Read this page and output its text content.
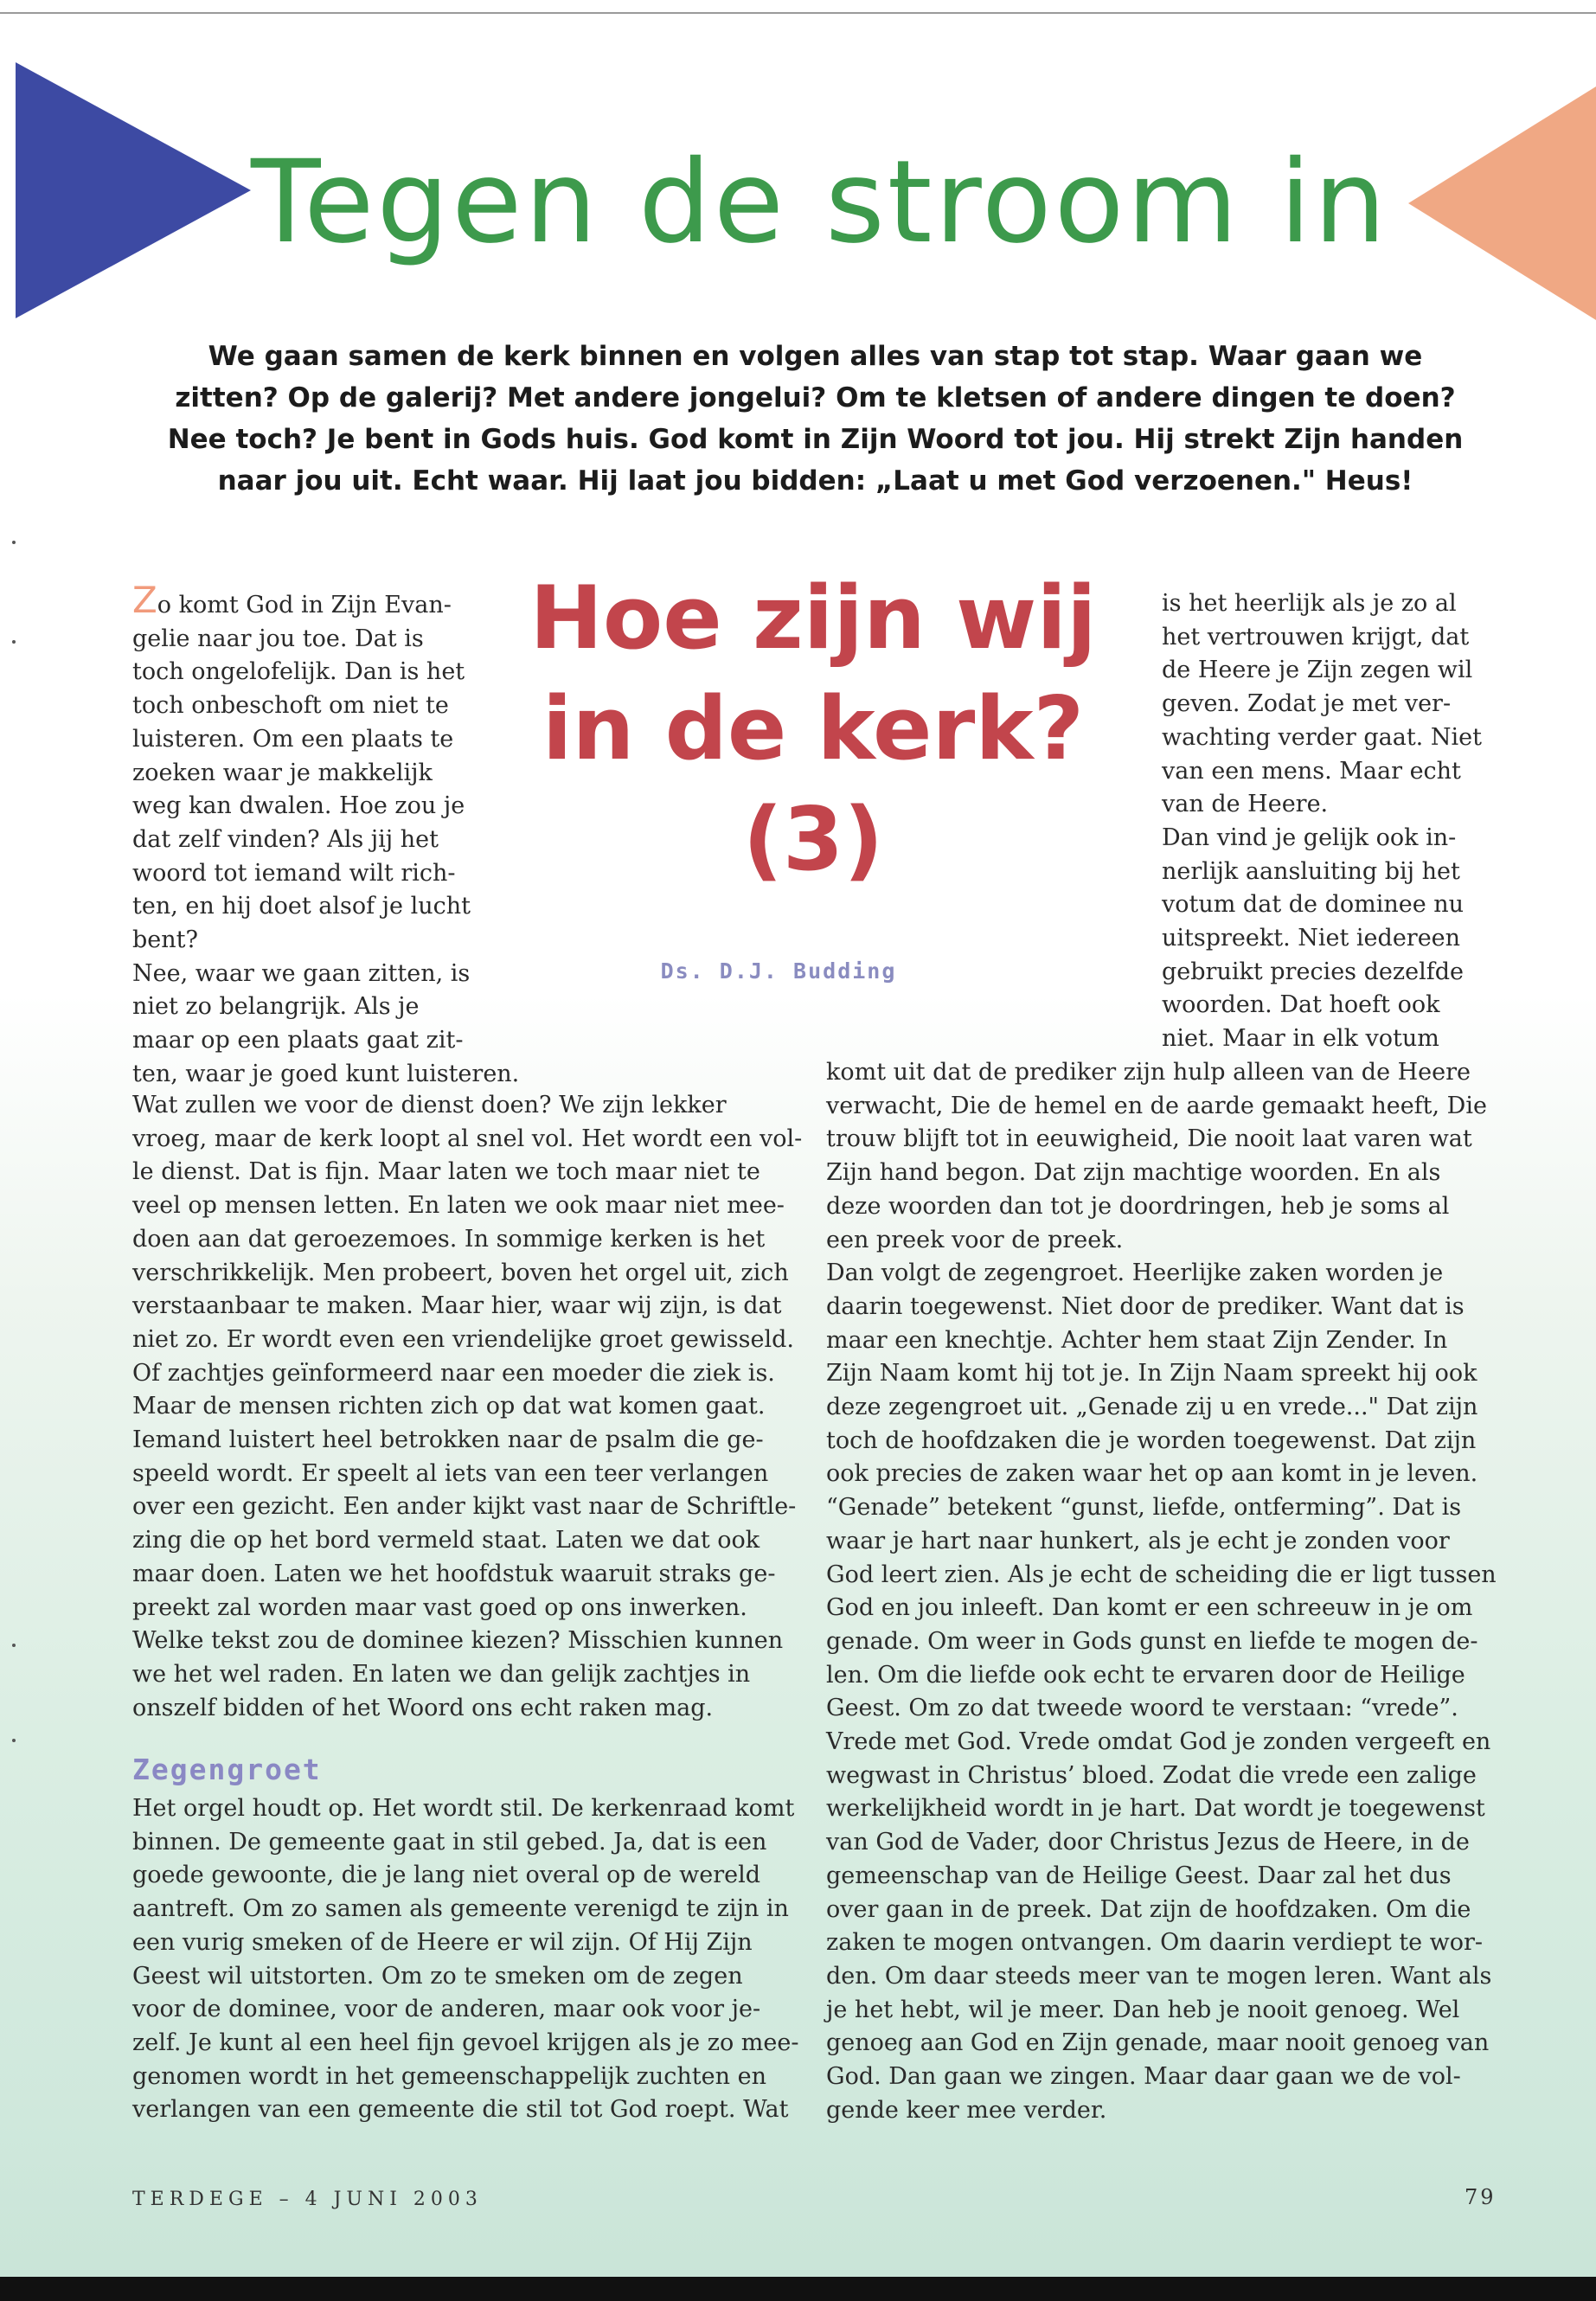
Tegen de stroom in
We gaan samen de kerk binnen en volgen alles van stap tot stap. Waar gaan we zitten? Op de galerij? Met andere jongelui? Om te kletsen of andere dingen te doen? Nee toch? Je bent in Gods huis. God komt in Zijn Woord tot jou. Hij strekt Zijn handen naar jou uit. Echt waar. Hij laat jou bidden: „Laat u met God verzoenen." Heus!
Hoe zijn wij in de kerk? (3)
Ds. D.J. Budding
Zo komt God in Zijn Evan-
gelie naar jou toe. Dat is
toch ongelofelijk. Dan is het
toch onbeschoft om niet te
luisteren. Om een plaats te
zoeken waar je makkelijk
weg kan dwalen. Hoe zou je
dat zelf vinden? Als jij het
woord tot iemand wilt rich-
ten, en hij doet alsof je lucht
bent?
Nee, waar we gaan zitten, is
niet zo belangrijk. Als je
maar op een plaats gaat zit-
ten, waar je goed kunt luisteren.
Wat zullen we voor de dienst doen? We zijn lekker
vroeg, maar de kerk loopt al snel vol. Het wordt een vol-
le dienst. Dat is fijn. Maar laten we toch maar niet te
veel op mensen letten. En laten we ook maar niet mee-
doen aan dat geroezemoes. In sommige kerken is het
verschrikkelijk. Men probeert, boven het orgel uit, zich
verstaanbaar te maken. Maar hier, waar wij zijn, is dat
niet zo. Er wordt even een vriendelijke groet gewisseld.
Of zachtjes geïnformeerd naar een moeder die ziek is.
Maar de mensen richten zich op dat wat komen gaat.
Iemand luistert heel betrokken naar de psalm die ge-
speeld wordt. Er speelt al iets van een teer verlangen
over een gezicht. Een ander kijkt vast naar de Schriftle-
zing die op het bord vermeld staat. Laten we dat ook
maar doen. Laten we het hoofdstuk waaruit straks ge-
preekt zal worden maar vast goed op ons inwerken.
Welke tekst zou de dominee kiezen? Misschien kunnen
we het wel raden. En laten we dan gelijk zachtjes in
onszelf bidden of het Woord ons echt raken mag.
Zegengroet
Het orgel houdt op. Het wordt stil. De kerkenraad komt
binnen. De gemeente gaat in stil gebed. Ja, dat is een
goede gewoonte, die je lang niet overal op de wereld
aantreft. Om zo samen als gemeente verenigd te zijn in
een vurig smeken of de Heere er wil zijn. Of Hij Zijn
Geest wil uitstorten. Om zo te smeken om de zegen
voor de dominee, voor de anderen, maar ook voor je-
zelf. Je kunt al een heel fijn gevoel krijgen als je zo mee-
genomen wordt in het gemeenschappelijk zuchten en
verlangen van een gemeente die stil tot God roept. Wat
is het heerlijk als je zo al
het vertrouwen krijgt, dat
de Heere je Zijn zegen wil
geven. Zodat je met ver-
wachting verder gaat. Niet
van een mens. Maar echt
van de Heere.
Dan vind je gelijk ook in-
nerlijk aansluiting bij het
votum dat de dominee nu
uitspreekt. Niet iedereen
gebruikt precies dezelfde
woorden. Dat hoeft ook
niet. Maar in elk votum
komt uit dat de prediker zijn hulp alleen van de Heere
verwacht, Die de hemel en de aarde gemaakt heeft, Die
trouw blijft tot in eeuwigheid, Die nooit laat varen wat
Zijn hand begon. Dat zijn machtige woorden. En als
deze woorden dan tot je doordringen, heb je soms al
een preek voor de preek.
Dan volgt de zegengroet. Heerlijke zaken worden je
daarin toegewenst. Niet door de prediker. Want dat is
maar een knechtje. Achter hem staat Zijn Zender. In
Zijn Naam komt hij tot je. In Zijn Naam spreekt hij ook
deze zegengroet uit. „Genade zij u en vrede..." Dat zijn
toch de hoofdzaken die je worden toegewenst. Dat zijn
ook precies de zaken waar het op aan komt in je leven.
“Genade” betekent “gunst, liefde, ontferming”. Dat is
waar je hart naar hunkert, als je echt je zonden voor
God leert zien. Als je echt de scheiding die er ligt tussen
God en jou inleeft. Dan komt er een schreeuw in je om
genade. Om weer in Gods gunst en liefde te mogen de-
len. Om die liefde ook echt te ervaren door de Heilige
Geest. Om zo dat tweede woord te verstaan: “vrede”.
Vrede met God. Vrede omdat God je zonden vergeeft en
wegwast in Christus’ bloed. Zodat die vrede een zalige
werkelijkheid wordt in je hart. Dat wordt je toegewenst
van God de Vader, door Christus Jezus de Heere, in de
gemeenschap van de Heilige Geest. Daar zal het dus
over gaan in de preek. Dat zijn de hoofdzaken. Om die
zaken te mogen ontvangen. Om daarin verdiept te wor-
den. Om daar steeds meer van te mogen leren. Want als
je het hebt, wil je meer. Dan heb je nooit genoeg. Wel
genoeg aan God en Zijn genade, maar nooit genoeg van
God. Dan gaan we zingen. Maar daar gaan we de vol-
gende keer mee verder.
TERDEGE – 4 JUNI 2003	79
